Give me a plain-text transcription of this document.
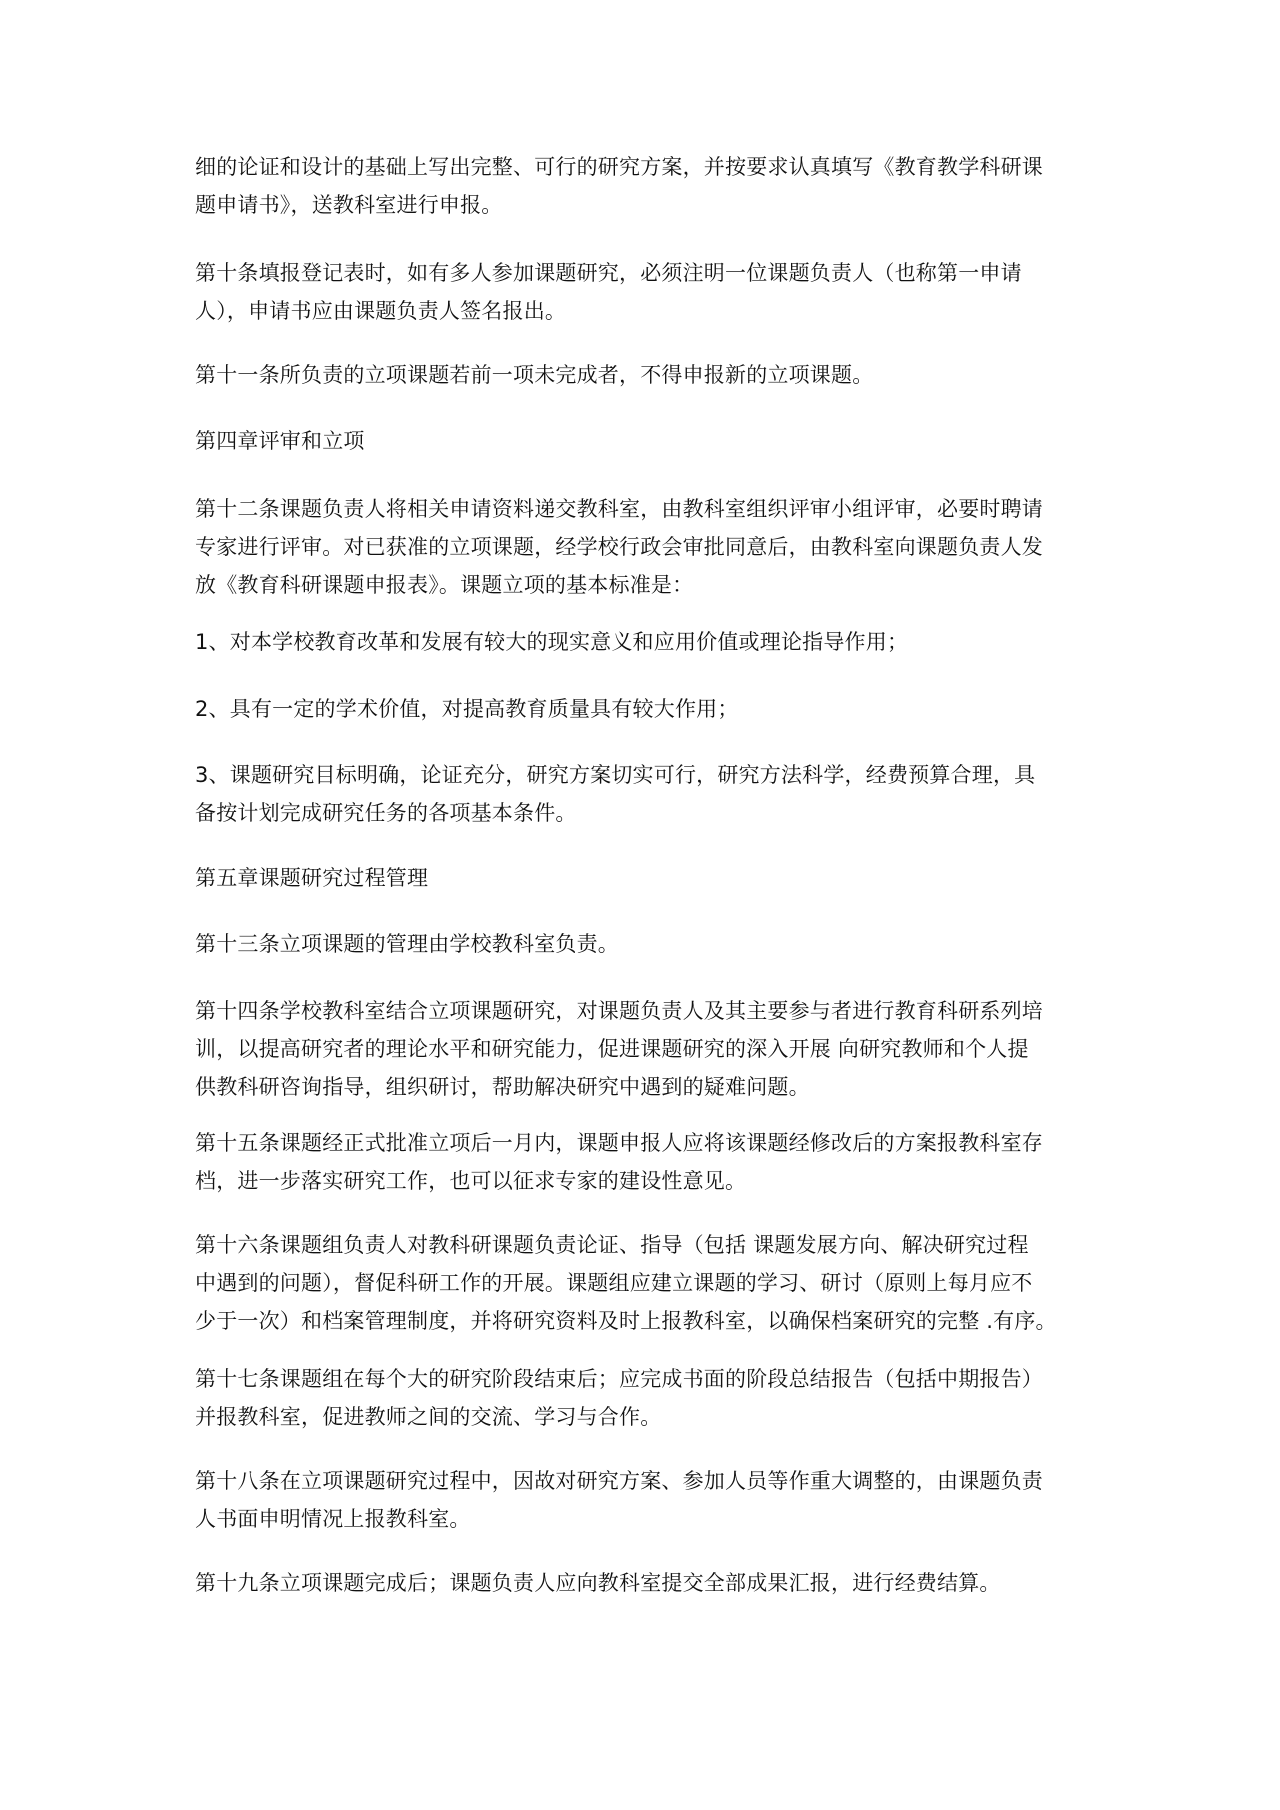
细的论证和设计的基础上写出完整、可行的研究方案，并按要求认真填写《教育教学科研课
题申请书》，送教科室进行申报。

第十条填报登记表时，如有多人参加课题研究，必须注明一位课题负责人（也称第一申请
人），申请书应由课题负责人签名报出。

第十一条所负责的立项课题若前一项未完成者，不得申报新的立项课题。

第四章评审和立项

第十二条课题负责人将相关申请资料递交教科室，由教科室组织评审小组评审，必要时聘请
专家进行评审。对已获准的立项课题，经学校行政会审批同意后，由教科室向课题负责人发
放《教育科研课题申报表》。课题立项的基本标准是：

1、对本学校教育改革和发展有较大的现实意义和应用价值或理论指导作用；

2、具有一定的学术价值，对提高教育质量具有较大作用；

3、课题研究目标明确，论证充分，研究方案切实可行，研究方法科学，经费预算合理，具
备按计划完成研究任务的各项基本条件。

第五章课题研究过程管理

第十三条立项课题的管理由学校教科室负责。

第十四条学校教科室结合立项课题研究，对课题负责人及其主要参与者进行教育科研系列培
训，以提高研究者的理论水平和研究能力，促进课题研究的深入开展 向研究教师和个人提
供教科研咨询指导，组织研讨，帮助解决研究中遇到的疑难问题。

第十五条课题经正式批准立项后一月内，课题申报人应将该课题经修改后的方案报教科室存
档，进一步落实研究工作，也可以征求专家的建设性意见。

第十六条课题组负责人对教科研课题负责论证、指导（包括 课题发展方向、解决研究过程
中遇到的问题），督促科研工作的开展。课题组应建立课题的学习、研讨（原则上每月应不
少于一次）和档案管理制度，并将研究资料及时上报教科室，以确保档案研究的完整 .有序。

第十七条课题组在每个大的研究阶段结束后；应完成书面的阶段总结报告（包括中期报告）
并报教科室，促进教师之间的交流、学习与合作。

第十八条在立项课题研究过程中，因故对研究方案、参加人员等作重大调整的，由课题负责
人书面申明情况上报教科室。

第十九条立项课题完成后；课题负责人应向教科室提交全部成果汇报，进行经费结算。
